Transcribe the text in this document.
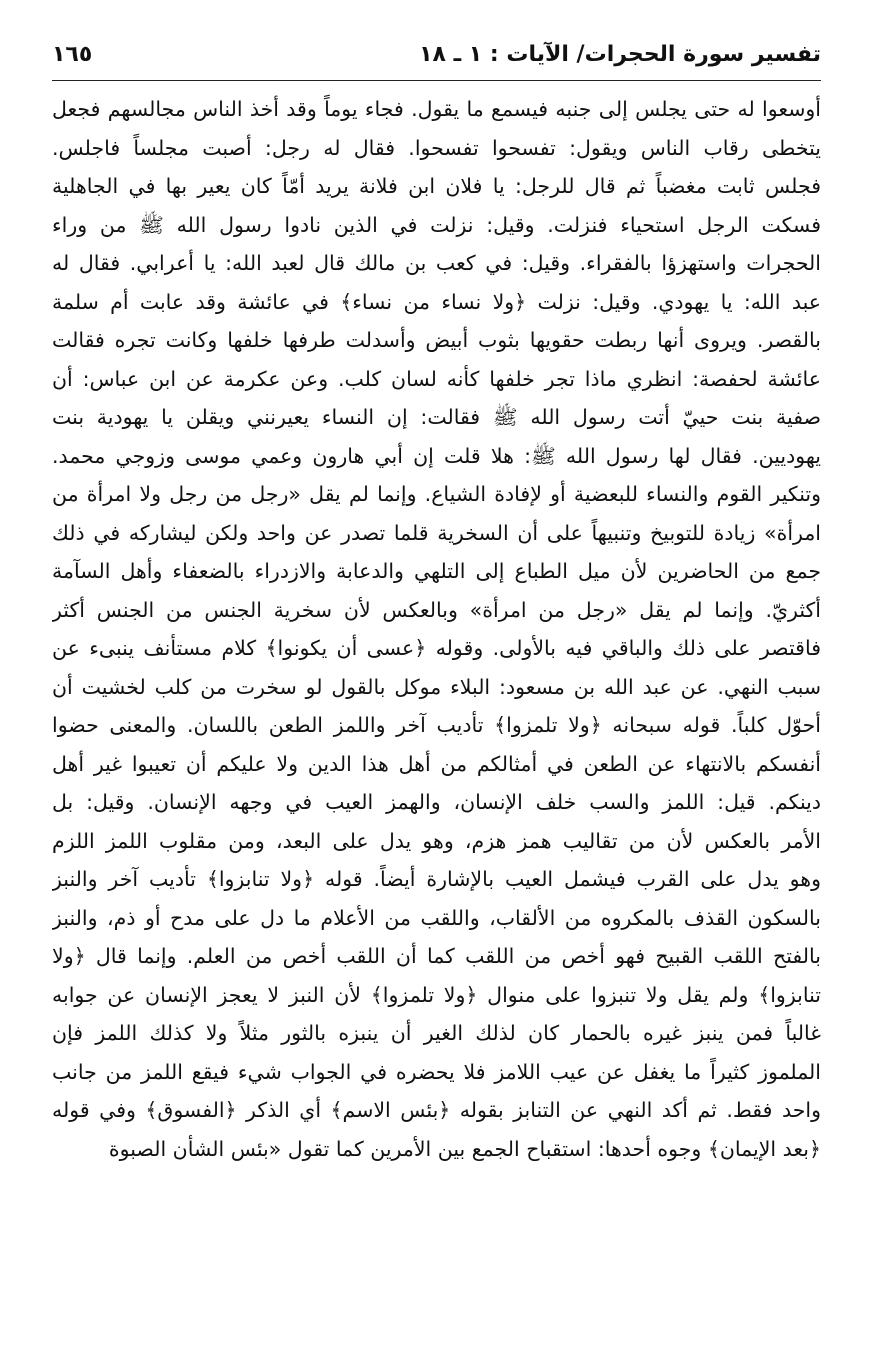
تفسير سورة الحجرات/ الآيات : ١ ـ ١٨
١٦٥
أوسعوا له حتى يجلس إلى جنبه فيسمع ما يقول. فجاء يوماً وقد أخذ الناس مجالسهم فجعل
يتخطى رقاب الناس ويقول: تفسحوا تفسحوا. فقال له رجل: أصبت مجلساً فاجلس.
فجلس ثابت مغضباً ثم قال للرجل: يا فلان ابن فلانة يريد أمّاً كان يعير بها في الجاهلية
فسكت الرجل استحياء فنزلت. وقيل: نزلت في الذين نادوا رسول الله ﷺ من وراء
الحجرات واستهزؤا بالفقراء. وقيل: في كعب بن مالك قال لعبد الله: يا أعرابي. فقال له
عبد الله: يا يهودي. وقيل: نزلت ﴿ولا نساء من نساء﴾ في عائشة وقد عابت أم سلمة
بالقصر. ويروى أنها ربطت حقويها بثوب أبيض وأسدلت طرفها خلفها وكانت تجره فقالت
عائشة لحفصة: انظري ماذا تجر خلفها كأنه لسان كلب. وعن عكرمة عن ابن عباس: أن
صفية بنت حييّ أتت رسول الله ﷺ فقالت: إن النساء يعيرنني ويقلن يا يهودية بنت
يهوديين. فقال لها رسول الله ﷺ: هلا قلت إن أبي هارون وعمي موسى وزوجي محمد.
وتنكير القوم والنساء للبعضية أو لإفادة الشياع. وإنما لم يقل «رجل من رجل ولا امرأة من
امرأة» زيادة للتوبيخ وتنبيهاً على أن السخرية قلما تصدر عن واحد ولكن ليشاركه في ذلك
جمع من الحاضرين لأن ميل الطباع إلى التلهي والدعابة والازدراء بالضعفاء وأهل السآمة
أكثريّ. وإنما لم يقل «رجل من امرأة» وبالعكس لأن سخرية الجنس من الجنس أكثر
فاقتصر على ذلك والباقي فيه بالأولى. وقوله ﴿عسى أن يكونوا﴾ كلام مستأنف ينبىء عن
سبب النهي. عن عبد الله بن مسعود: البلاء موكل بالقول لو سخرت من كلب لخشيت أن
أحوّل كلباً. قوله سبحانه ﴿ولا تلمزوا﴾ تأديب آخر واللمز الطعن باللسان. والمعنى حضوا
أنفسكم بالانتهاء عن الطعن في أمثالكم من أهل هذا الدين ولا عليكم أن تعيبوا غير أهل
دينكم. قيل: اللمز والسب خلف الإنسان، والهمز العيب في وجهه الإنسان. وقيل: بل
الأمر بالعكس لأن من تقاليب همز هزم، وهو يدل على البعد، ومن مقلوب اللمز اللزم
وهو يدل على القرب فيشمل العيب بالإشارة أيضاً. قوله ﴿ولا تنابزوا﴾ تأديب آخر والنبز
بالسكون القذف بالمكروه من الألقاب، واللقب من الأعلام ما دل على مدح أو ذم، والنبز
بالفتح اللقب القبيح فهو أخص من اللقب كما أن اللقب أخص من العلم. وإنما قال ﴿ولا
تنابزوا﴾ ولم يقل ولا تنبزوا على منوال ﴿ولا تلمزوا﴾ لأن النبز لا يعجز الإنسان عن جوابه
غالباً فمن ينبز غيره بالحمار كان لذلك الغير أن ينبزه بالثور مثلاً ولا كذلك اللمز فإن
الملموز كثيراً ما يغفل عن عيب اللامز فلا يحضره في الجواب شيء فيقع اللمز من جانب
واحد فقط. ثم أكد النهي عن التنابز بقوله ﴿بئس الاسم﴾ أي الذكر ﴿الفسوق﴾ وفي قوله
﴿بعد الإيمان﴾ وجوه أحدها: استقباح الجمع بين الأمرين كما تقول «بئس الشأن الصبوة
